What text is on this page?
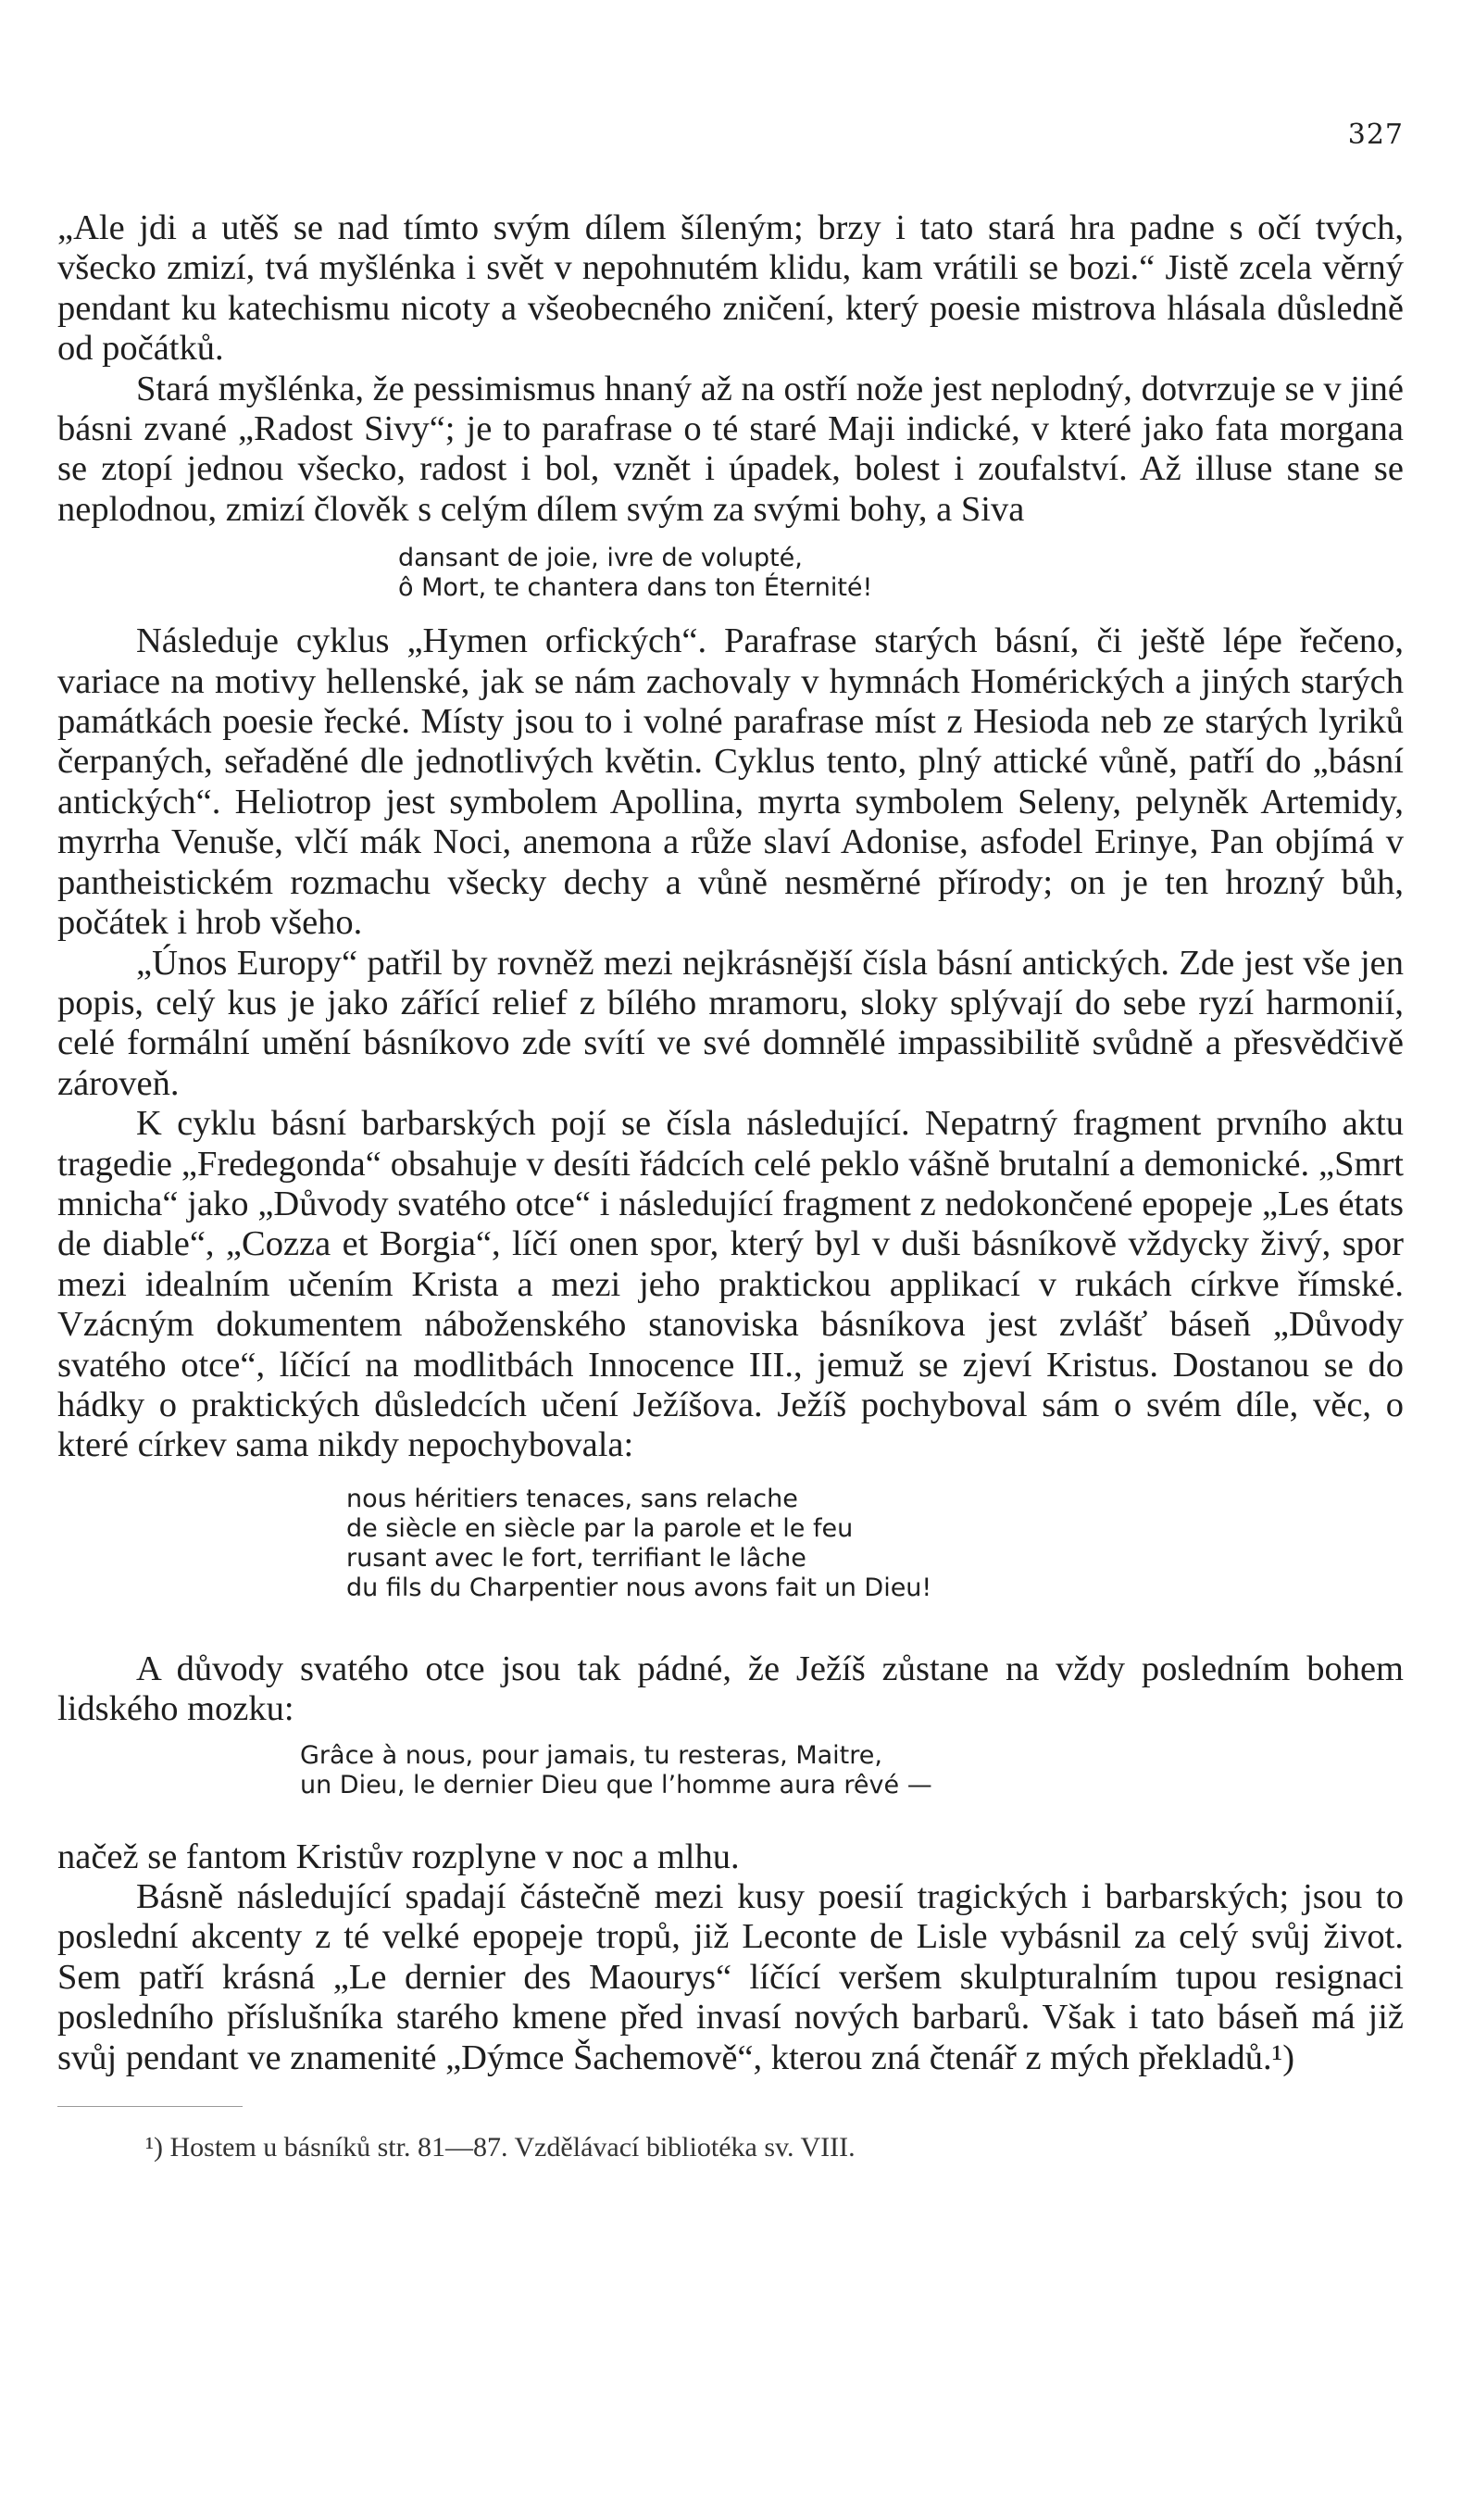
327

„Ale jdi a utěš se nad tímto svým dílem šíleným; brzy i tato stará hra padne s očí tvých, všecko zmizí, tvá myšlénka i svět v nepohnutém klidu, kam vrátili se bozi.“ Jistě zcela věrný pendant ku katechismu nicoty a všeobecného zničení, který poesie mistrova hlásala důsledně od počátků.

Stará myšlénka, že pessimismus hnaný až na ostří nože jest neplodný, dotvrzuje se v jiné básni zvané „Radost Sivy“; je to parafrase o té staré Maji indické, v které jako fata morgana se ztopí jednou všecko, radost i bol, vznět i úpadek, bolest i zoufalství. Až illuse stane se neplodnou, zmizí člověk s celým dílem svým za svými bohy, a Siva

dansant de joie, ivre de volupté,
ô Mort, te chantera dans ton Éternité!

Následuje cyklus „Hymen orfických“. Parafrase starých básní, či ještě lépe řečeno, variace na motivy hellenské, jak se nám zachovaly v hymnách Homérických a jiných starých památkách poesie řecké. Místy jsou to i volné parafrase míst z Hesioda neb ze starých lyriků čerpaných, seřaděné dle jednotlivých květin. Cyklus tento, plný attické vůně, patří do „básní antických“. Heliotrop jest symbolem Apollina, myrta symbolem Seleny, pelyněk Artemidy, myrrha Venuše, vlčí mák Noci, anemona a růže slaví Adonise, asfodel Erinye, Pan objímá v pantheistickém rozmachu všecky dechy a vůně nesměrné přírody; on je ten hrozný bůh, počátek i hrob všeho.

„Únos Europy“ patřil by rovněž mezi nejkrásnější čísla básní antických. Zde jest vše jen popis, celý kus je jako zářící relief z bílého mramoru, sloky splývají do sebe ryzí harmonií, celé formální umění básníkovo zde svítí ve své domnělé impassibilitě svůdně a přesvědčivě zároveň.

K cyklu básní barbarských pojí se čísla následující. Nepatrný fragment prvního aktu tragedie „Fredegonda“ obsahuje v desíti řádcích celé peklo vášně brutalní a demonické. „Smrt mnicha“ jako „Důvody svatého otce“ i následující fragment z nedokončené epopeje „Les états de diable“, „Cozza et Borgia“, líčí onen spor, který byl v duši básníkově vždycky živý, spor mezi idealním učením Krista a mezi jeho praktickou applikací v rukách církve římské. Vzácným dokumentem náboženského stanoviska básníkova jest zvlášť báseň „Důvody svatého otce“, líčící na modlitbách Innocence III., jemuž se zjeví Kristus. Dostanou se do hádky o praktických důsledcích učení Ježíšova. Ježíš pochyboval sám o svém díle, věc, o které církev sama nikdy nepochybovala:

nous héritiers tenaces, sans relache
de siècle en siècle par la parole et le feu
rusant avec le fort, terrifiant le lâche
du fils du Charpentier nous avons fait un Dieu!

A důvody svatého otce jsou tak pádné, že Ježíš zůstane na vždy posledním bohem lidského mozku:

Grâce à nous, pour jamais, tu resteras, Maitre,
un Dieu, le dernier Dieu que l’homme aura rêvé —

načež se fantom Kristův rozplyne v noc a mlhu.

Básně následující spadají částečně mezi kusy poesií tragických i barbarských; jsou to poslední akcenty z té velké epopeje tropů, již Leconte de Lisle vybásnil za celý svůj život. Sem patří krásná „Le dernier des Maourys“ líčící veršem skulpturalním tupou resignaci posledního příslušníka starého kmene před invasí nových barbarů. Však i tato báseň má již svůj pendant ve znamenité „Dýmce Šachemově“, kterou zná čtenář z mých překladů.¹)

¹) Hostem u básníků str. 81—87. Vzdělávací bibliotéka sv. VIII.
